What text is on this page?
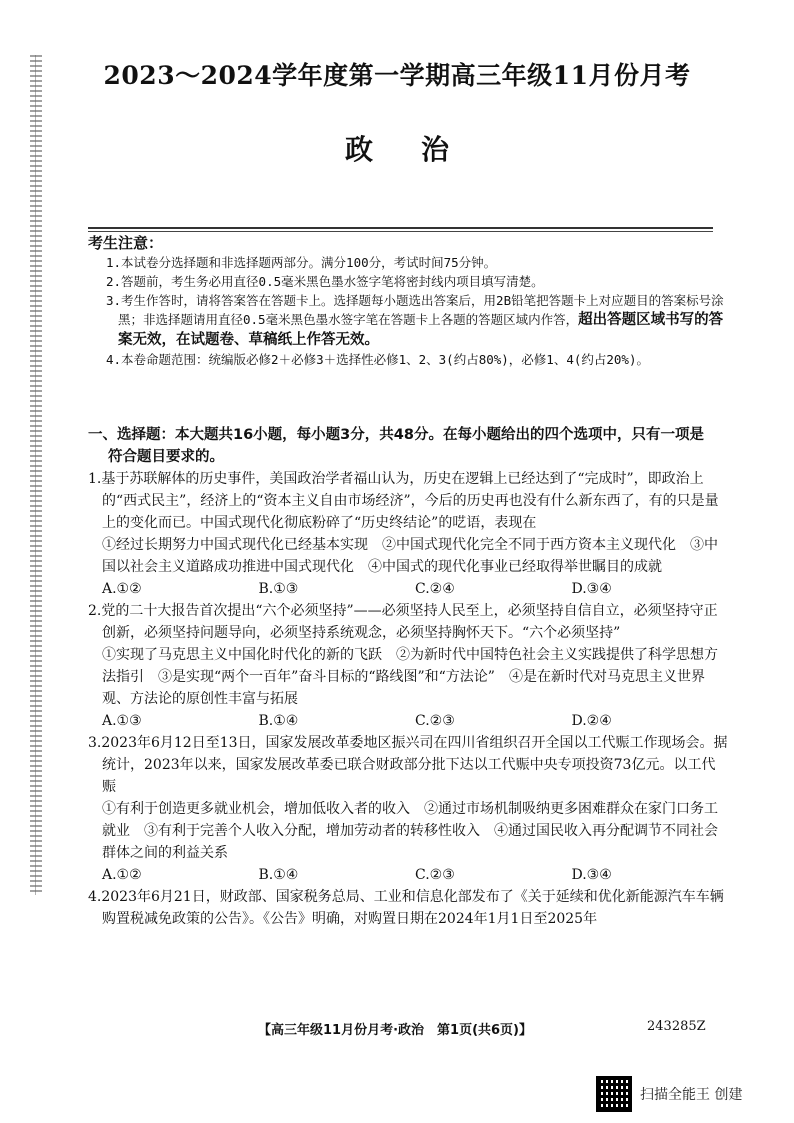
2023～2024学年度第一学期高三年级11月份月考
政治
考生注意：
1.本试卷分选择题和非选择题两部分。满分100分，考试时间75分钟。
2.答题前，考生务必用直径0.5毫米黑色墨水签字笔将密封线内项目填写清楚。
3.考生作答时，请将答案答在答题卡上。选择题每小题选出答案后，用2B铅笔把答题卡上对应题目的答案标号涂黑；非选择题请用直径0.5毫米黑色墨水签字笔在答题卡上各题的答题区域内作答，超出答题区域书写的答案无效，在试题卷、草稿纸上作答无效。
4.本卷命题范围：统编版必修2＋必修3＋选择性必修1、2、3(约占80%)，必修1、4(约占20%)。
一、选择题：本大题共16小题，每小题3分，共48分。在每小题给出的四个选项中，只有一项是
符合题目要求的。
1.基于苏联解体的历史事件，美国政治学者福山认为，历史在逻辑上已经达到了“完成时”，即政治上的“西式民主”，经济上的“资本主义自由市场经济”，今后的历史再也没有什么新东西了，有的只是量上的变化而已。中国式现代化彻底粉碎了“历史终结论”的呓语，表现在
①经过长期努力中国式现代化已经基本实现　②中国式现代化完全不同于西方资本主义现代化　③中国以社会主义道路成功推进中国式现代化　④中国式的现代化事业已经取得举世瞩目的成就
A.①②	B.①③	C.②④	D.③④
2.党的二十大报告首次提出“六个必须坚持”——必须坚持人民至上，必须坚持自信自立，必须坚持守正创新，必须坚持问题导向，必须坚持系统观念，必须坚持胸怀天下。“六个必须坚持”
①实现了马克思主义中国化时代化的新的飞跃　②为新时代中国特色社会主义实践提供了科学思想方法指引　③是实现“两个一百年”奋斗目标的“路线图”和“方法论”　④是在新时代对马克思主义世界观、方法论的原创性丰富与拓展
A.①③	B.①④	C.②③	D.②④
3.2023年6月12日至13日，国家发展改革委地区振兴司在四川省组织召开全国以工代赈工作现场会。据统计，2023年以来，国家发展改革委已联合财政部分批下达以工代赈中央专项投资73亿元。以工代赈
①有利于创造更多就业机会，增加低收入者的收入　②通过市场机制吸纳更多困难群众在家门口务工就业　③有利于完善个人收入分配，增加劳动者的转移性收入　④通过国民收入再分配调节不同社会群体之间的利益关系
A.①②	B.①④	C.②③	D.③④
4.2023年6月21日，财政部、国家税务总局、工业和信息化部发布了《关于延续和优化新能源汽车车辆购置税减免政策的公告》。《公告》明确，对购置日期在2024年1月1日至2025年
【高三年级11月份月考·政治　第1页(共6页)】	243285Z
扫描全能王 创建
